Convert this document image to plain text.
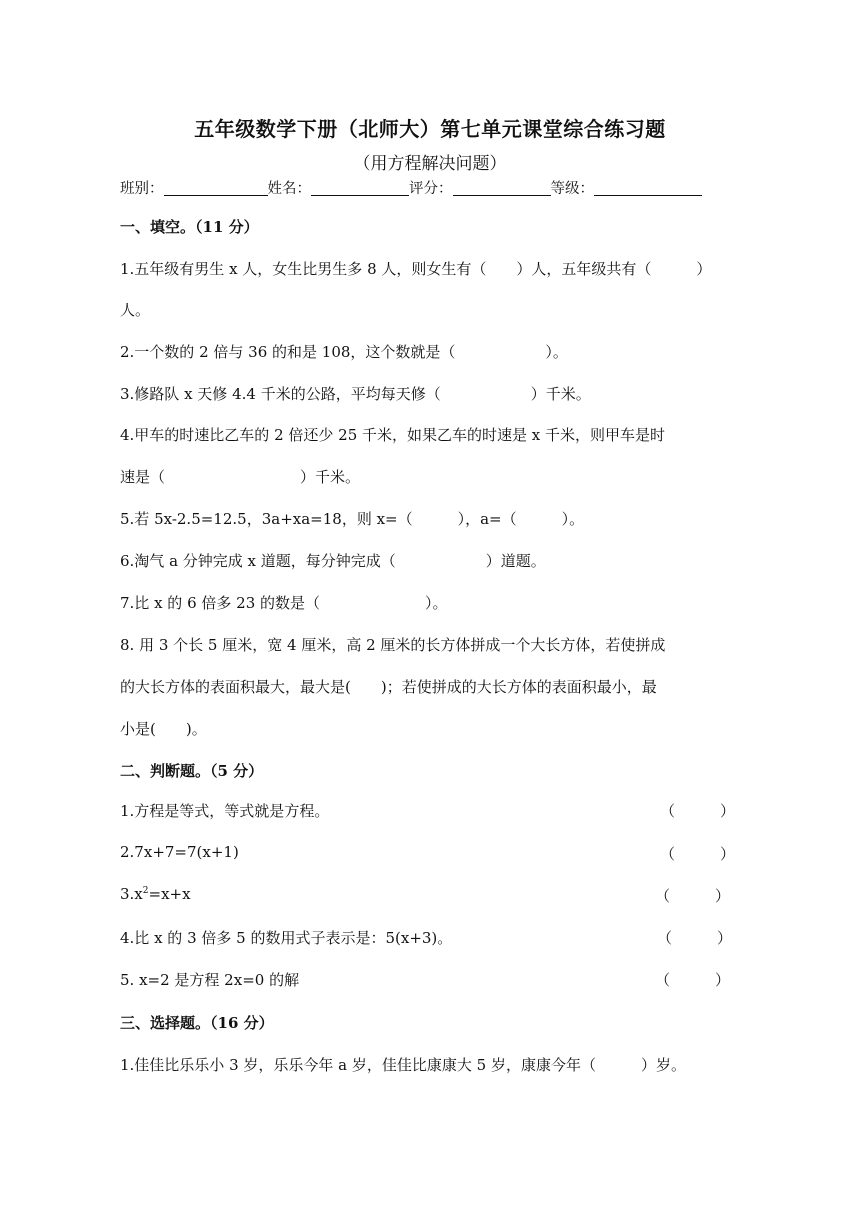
五年级数学下册（北师大）第七单元课堂综合练习题
（用方程解决问题）
班别：	姓名：	评分：	等级：
一、填空。（11 分）
1.五年级有男生 x 人，女生比男生多 8 人，则女生有（　　）人，五年级共有（　　　）
人。
2.一个数的 2 倍与 36 的和是 108，这个数就是（　　　　　　）。
3.修路队 x 天修 4.4 千米的公路，平均每天修（　　　　　　）千米。
4.甲车的时速比乙车的 2 倍还少 25 千米，如果乙车的时速是 x 千米，则甲车是时
速是（　　　　　　　　　）千米。
5.若 5x-2.5=12.5，3a+xa=18，则 x=（　　　），a=（　　　）。
6.淘气 a 分钟完成 x 道题，每分钟完成（　　　　　　）道题。
7.比 x 的 6 倍多 23 的数是（　　　　　　　）。
8. 用 3 个长 5 厘米，宽 4 厘米，高 2 厘米的长方体拼成一个大长方体，若使拼成
的大长方体的表面积最大，最大是(　　)；若使拼成的大长方体的表面积最小，最
小是(　　)。
二、判断题。（5 分）
1.方程是等式，等式就是方程。	（　　　）
2.7x+7=7(x+1)	（　　　）
$3.x^2=x+x$	（　　　）
4.比 x 的 3 倍多 5 的数用式子表示是：5(x+3)。	（　　　）
5. x=2 是方程 2x=0 的解	（　　　）
三、选择题。（16 分）
1.佳佳比乐乐小 3 岁，乐乐今年 a 岁，佳佳比康康大 5 岁，康康今年（　　　）岁。
